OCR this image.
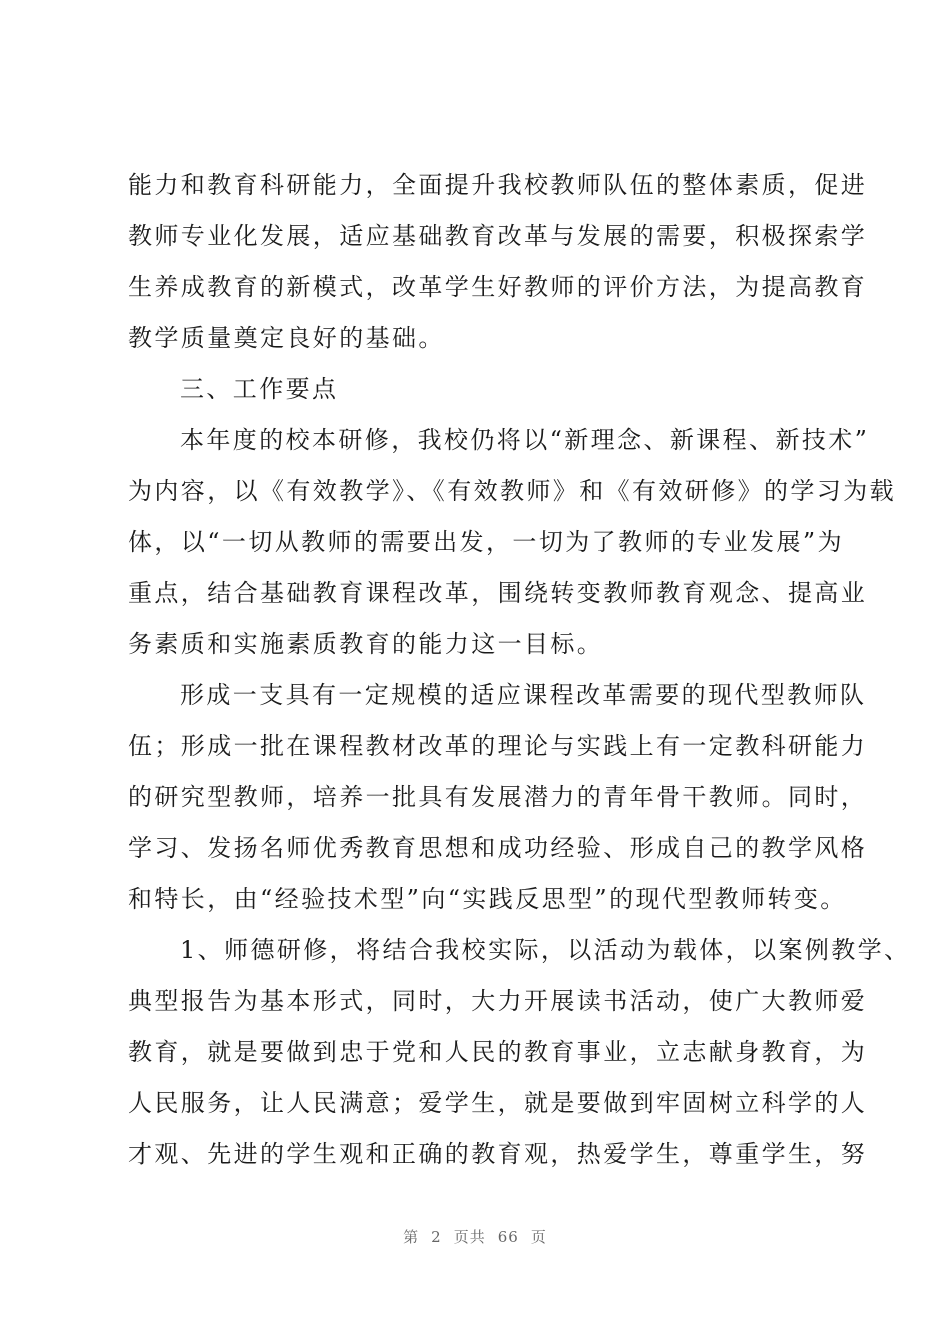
能力和教育科研能力，全面提升我校教师队伍的整体素质，促进
教师专业化发展，适应基础教育改革与发展的需要，积极探索学
生养成教育的新模式，改革学生好教师的评价方法，为提高教育
教学质量奠定良好的基础。
三、工作要点
本年度的校本研修，我校仍将以“新理念、新课程、新技术”
为内容，以《有效教学》、《有效教师》和《有效研修》的学习为载
体，以“一切从教师的需要出发，一切为了教师的专业发展”为
重点，结合基础教育课程改革，围绕转变教师教育观念、提高业
务素质和实施素质教育的能力这一目标。
形成一支具有一定规模的适应课程改革需要的现代型教师队
伍；形成一批在课程教材改革的理论与实践上有一定教科研能力
的研究型教师，培养一批具有发展潜力的青年骨干教师。同时，
学习、发扬名师优秀教育思想和成功经验、形成自己的教学风格
和特长，由“经验技术型”向“实践反思型”的现代型教师转变。
1、师德研修，将结合我校实际，以活动为载体，以案例教学、
典型报告为基本形式，同时，大力开展读书活动，使广大教师爱
教育，就是要做到忠于党和人民的教育事业，立志献身教育，为
人民服务，让人民满意；爱学生，就是要做到牢固树立科学的人
才观、先进的学生观和正确的教育观，热爱学生，尊重学生，努
第 2 页共 66 页
